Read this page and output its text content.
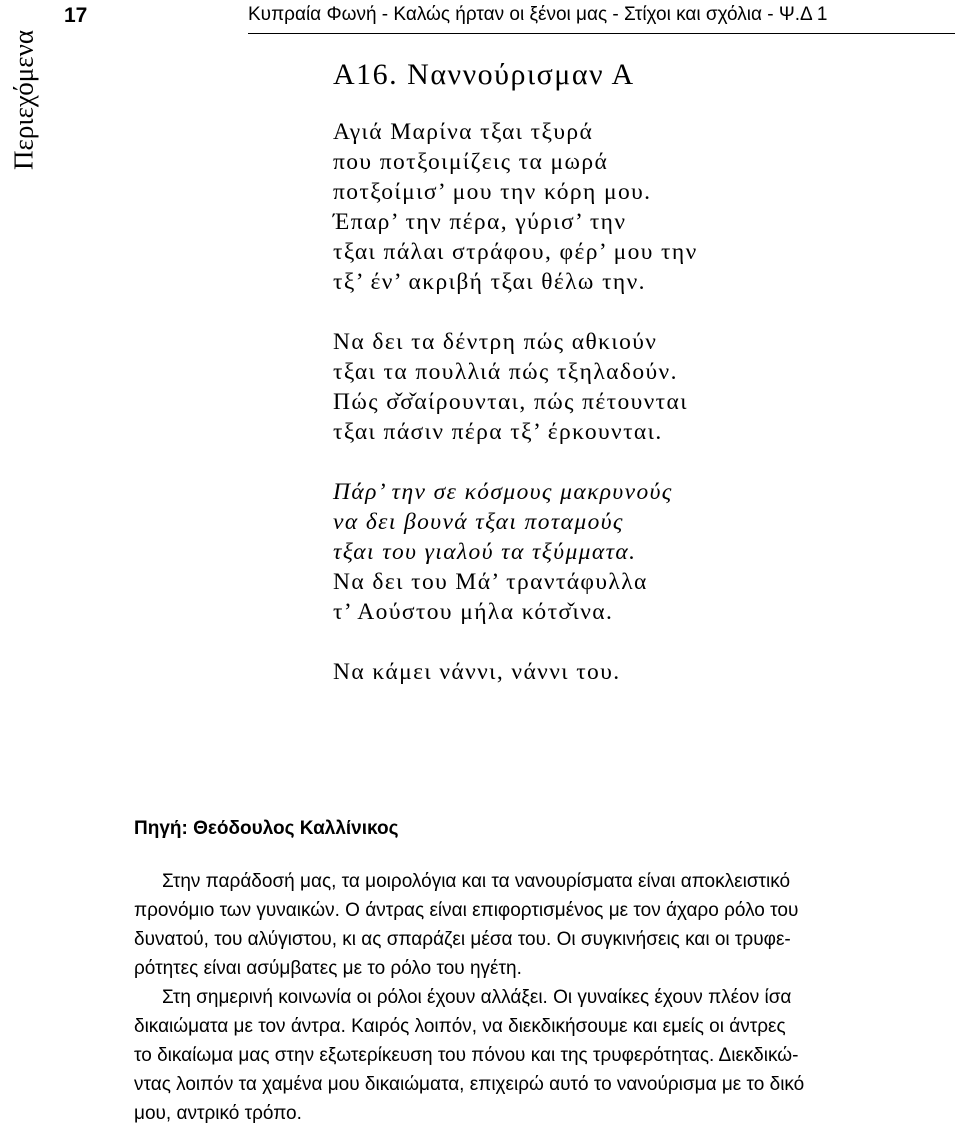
Περιεχόμενα
17	Κυπραία Φωνή - Καλώς ήρταν οι ξένοι μας - Στίχοι και σχόλια - Ψ.Δ 1
Α16. Ναννούρισμαν Α
Αγιά Μαρίνα τξαι τξυρά
που ποτξοιμίζεις τα μωρά
ποτξοίμισ’ μου την κόρη μου.
Έπαρ’ την πέρα, γύρισ’ την
τξαι πάλαι στράφου, φέρ’ μου την
τξ’ έν’ ακριβή τξαι θέλω την.
Να δει τα δέντρη πώς αθκιούν
τξαι τα πουλλιά πώς τξηλαδούν.
Πώς σ̌σ̌αίρουνται, πώς πέτουνται
τξαι πάσιν πέρα τξ’ έρκουνται.
Πάρ’ την σε κόσμους μακρυνούς
να δει βουνά τξαι ποταμούς
τξαι του γιαλού τα τξύμματα.
Να δει του Μά’ τραντάφυλλα
τ’ Αούστου μήλα κότσ̌ινα.
Να κάμει νάννι, νάννι του.
Πηγή: Θεόδουλος Καλλίνικος
Στην παράδοσή μας, τα μοιρολόγια και τα νανουρίσματα είναι αποκλειστικό
προνόμιο των γυναικών. Ο άντρας είναι επιφορτισμένος με τον άχαρο ρόλο του
δυνατού, του αλύγιστου, κι ας σπαράζει μέσα του. Οι συγκινήσεις και οι τρυφε-
ρότητες είναι ασύμβατες με το ρόλο του ηγέτη.
Στη σημερινή κοινωνία οι ρόλοι έχουν αλλάξει. Οι γυναίκες έχουν πλέον ίσα
δικαιώματα με τον άντρα. Καιρός λοιπόν, να διεκδικήσουμε και εμείς οι άντρες
το δικαίωμα μας στην εξωτερίκευση του πόνου και της τρυφερότητας. Διεκδικώ-
ντας λοιπόν τα χαμένα μου δικαιώματα, επιχειρώ αυτό το νανούρισμα με το δικό
μου, αντρικό τρόπο.
